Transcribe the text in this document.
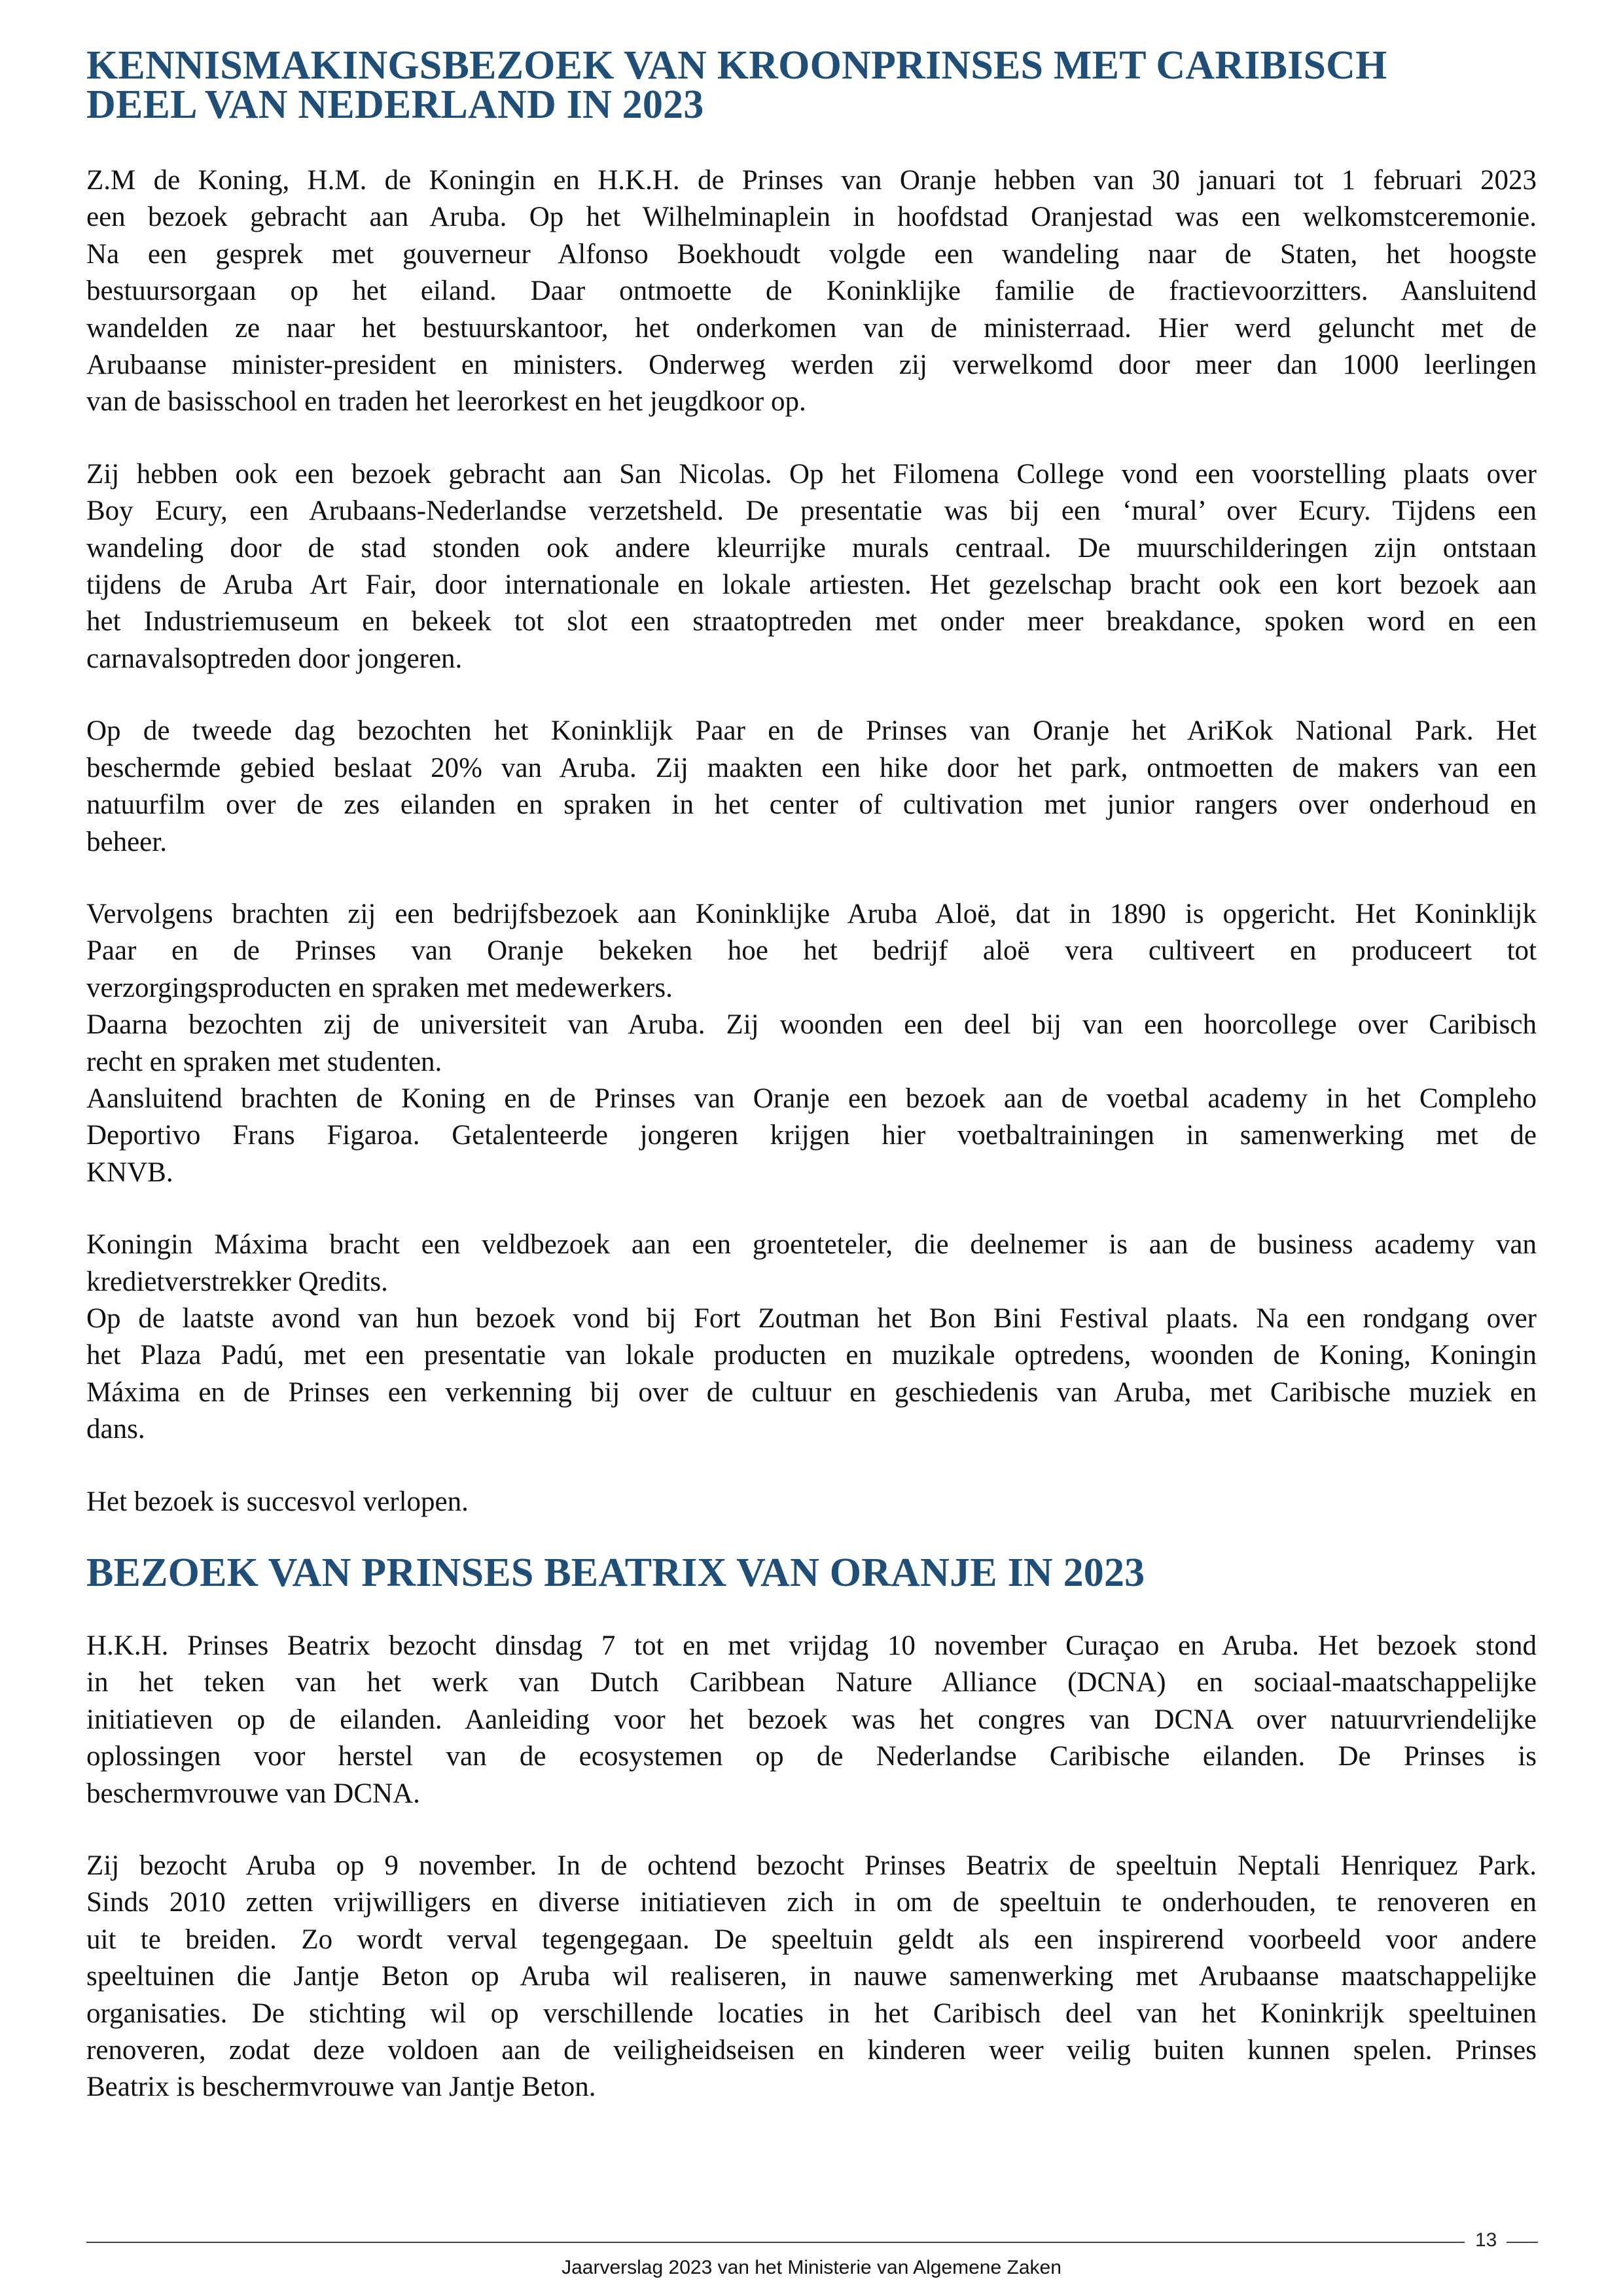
KENNISMAKINGSBEZOEK VAN KROONPRINSES MET CARIBISCH
DEEL VAN NEDERLAND IN 2023

Z.M de Koning, H.M. de Koningin en H.K.H. de Prinses van Oranje hebben van 30 januari tot 1 februari 2023
een bezoek gebracht aan Aruba. Op het Wilhelminaplein in hoofdstad Oranjestad was een welkomstceremonie.
Na een gesprek met gouverneur Alfonso Boekhoudt volgde een wandeling naar de Staten, het hoogste
bestuursorgaan op het eiland. Daar ontmoette de Koninklijke familie de fractievoorzitters. Aansluitend
wandelden ze naar het bestuurskantoor, het onderkomen van de ministerraad. Hier werd geluncht met de
Arubaanse minister-president en ministers. Onderweg werden zij verwelkomd door meer dan 1000 leerlingen
van de basisschool en traden het leerorkest en het jeugdkoor op.

Zij hebben ook een bezoek gebracht aan San Nicolas. Op het Filomena College vond een voorstelling plaats over
Boy Ecury, een Arubaans-Nederlandse verzetsheld. De presentatie was bij een ‘mural’ over Ecury. Tijdens een
wandeling door de stad stonden ook andere kleurrijke murals centraal. De muurschilderingen zijn ontstaan
tijdens de Aruba Art Fair, door internationale en lokale artiesten. Het gezelschap bracht ook een kort bezoek aan
het Industriemuseum en bekeek tot slot een straatoptreden met onder meer breakdance, spoken word en een
carnavalsoptreden door jongeren.

Op de tweede dag bezochten het Koninklijk Paar en de Prinses van Oranje het AriKok National Park. Het
beschermde gebied beslaat 20% van Aruba. Zij maakten een hike door het park, ontmoetten de makers van een
natuurfilm over de zes eilanden en spraken in het center of cultivation met junior rangers over onderhoud en
beheer.

Vervolgens brachten zij een bedrijfsbezoek aan Koninklijke Aruba Aloë, dat in 1890 is opgericht. Het Koninklijk
Paar en de Prinses van Oranje bekeken hoe het bedrijf aloë vera cultiveert en produceert tot
verzorgingsproducten en spraken met medewerkers.

Daarna bezochten zij de universiteit van Aruba. Zij woonden een deel bij van een hoorcollege over Caribisch
recht en spraken met studenten.

Aansluitend brachten de Koning en de Prinses van Oranje een bezoek aan de voetbal academy in het Compleho
Deportivo Frans Figaroa. Getalenteerde jongeren krijgen hier voetbaltrainingen in samenwerking met de
KNVB.

Koningin Máxima bracht een veldbezoek aan een groenteteler, die deelnemer is aan de business academy van
kredietverstrekker Qredits.

Op de laatste avond van hun bezoek vond bij Fort Zoutman het Bon Bini Festival plaats. Na een rondgang over
het Plaza Padú, met een presentatie van lokale producten en muzikale optredens, woonden de Koning, Koningin
Máxima en de Prinses een verkenning bij over de cultuur en geschiedenis van Aruba, met Caribische muziek en
dans.

Het bezoek is succesvol verlopen.

BEZOEK VAN PRINSES BEATRIX VAN ORANJE IN 2023

H.K.H. Prinses Beatrix bezocht dinsdag 7 tot en met vrijdag 10 november Curaçao en Aruba. Het bezoek stond
in het teken van het werk van Dutch Caribbean Nature Alliance (DCNA) en sociaal-maatschappelijke
initiatieven op de eilanden. Aanleiding voor het bezoek was het congres van DCNA over natuurvriendelijke
oplossingen voor herstel van de ecosystemen op de Nederlandse Caribische eilanden. De Prinses is
beschermvrouwe van DCNA.

Zij bezocht Aruba op 9 november. In de ochtend bezocht Prinses Beatrix de speeltuin Neptali Henriquez Park.
Sinds 2010 zetten vrijwilligers en diverse initiatieven zich in om de speeltuin te onderhouden, te renoveren en
uit te breiden. Zo wordt verval tegengegaan. De speeltuin geldt als een inspirerend voorbeeld voor andere
speeltuinen die Jantje Beton op Aruba wil realiseren, in nauwe samenwerking met Arubaanse maatschappelijke
organisaties. De stichting wil op verschillende locaties in het Caribisch deel van het Koninkrijk speeltuinen
renoveren, zodat deze voldoen aan de veiligheidseisen en kinderen weer veilig buiten kunnen spelen. Prinses
Beatrix is beschermvrouwe van Jantje Beton.

13
Jaarverslag 2023 van het Ministerie van Algemene Zaken
